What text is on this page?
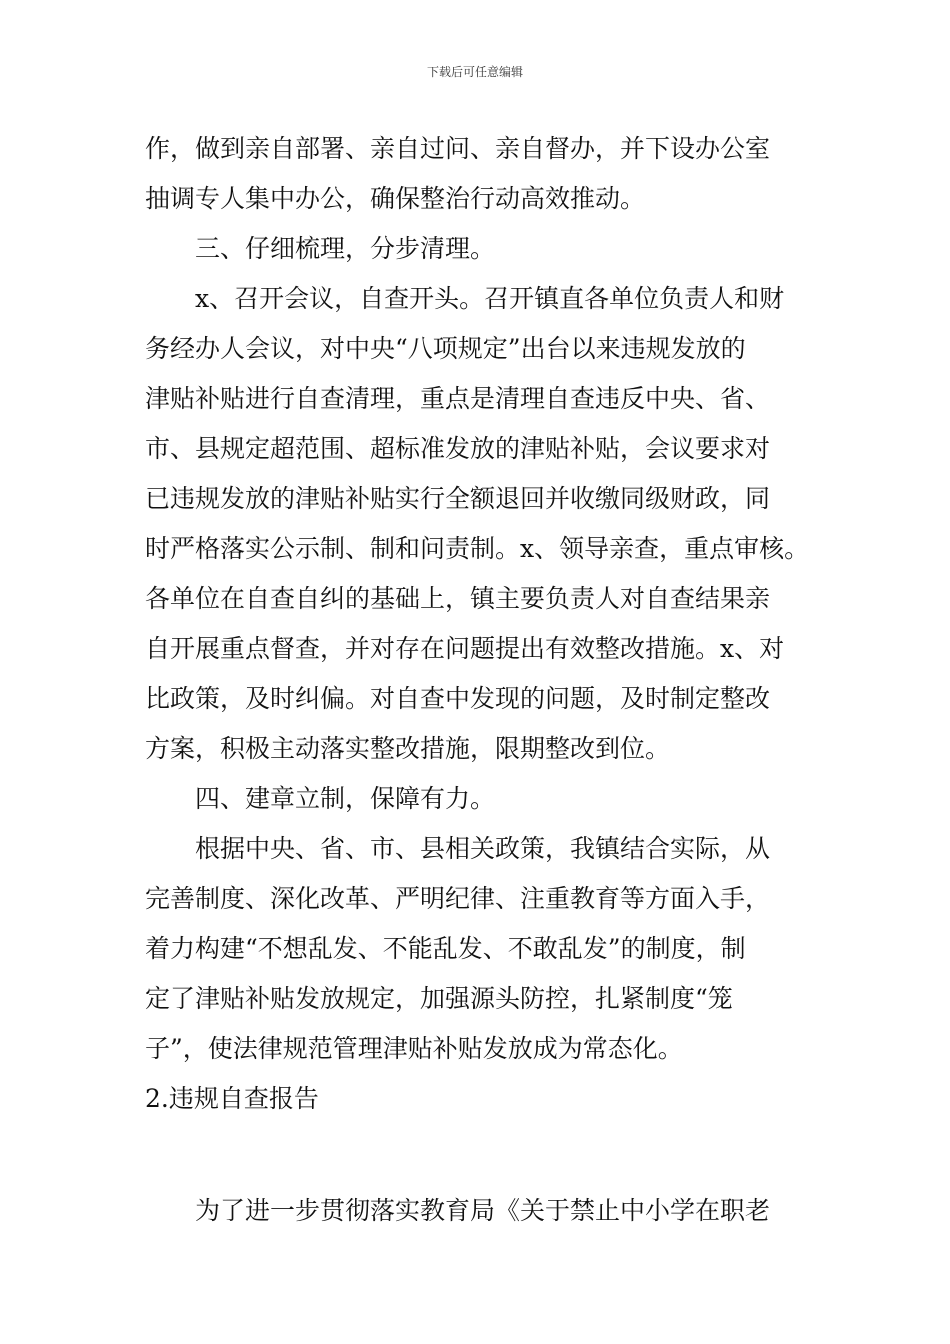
下载后可任意编辑
作，做到亲自部署、亲自过问、亲自督办，并下设办公室
抽调专人集中办公，确保整治行动高效推动。
三、仔细梳理，分步清理。
x、召开会议，自查开头。召开镇直各单位负责人和财
务经办人会议，对中央“八项规定”出台以来违规发放的
津贴补贴进行自查清理，重点是清理自查违反中央、省、
市、县规定超范围、超标准发放的津贴补贴，会议要求对
已违规发放的津贴补贴实行全额退回并收缴同级财政，同
时严格落实公示制、制和问责制。x、领导亲查，重点审核。
各单位在自查自纠的基础上，镇主要负责人对自查结果亲
自开展重点督查，并对存在问题提出有效整改措施。x、对
比政策，及时纠偏。对自查中发现的问题，及时制定整改
方案，积极主动落实整改措施，限期整改到位。
四、建章立制，保障有力。
根据中央、省、市、县相关政策，我镇结合实际，从
完善制度、深化改革、严明纪律、注重教育等方面入手，
着力构建“不想乱发、不能乱发、不敢乱发”的制度，制
定了津贴补贴发放规定，加强源头防控，扎紧制度“笼
子”，使法律规范管理津贴补贴发放成为常态化。
2.违规自查报告
为了进一步贯彻落实教育局《关于禁止中小学在职老
